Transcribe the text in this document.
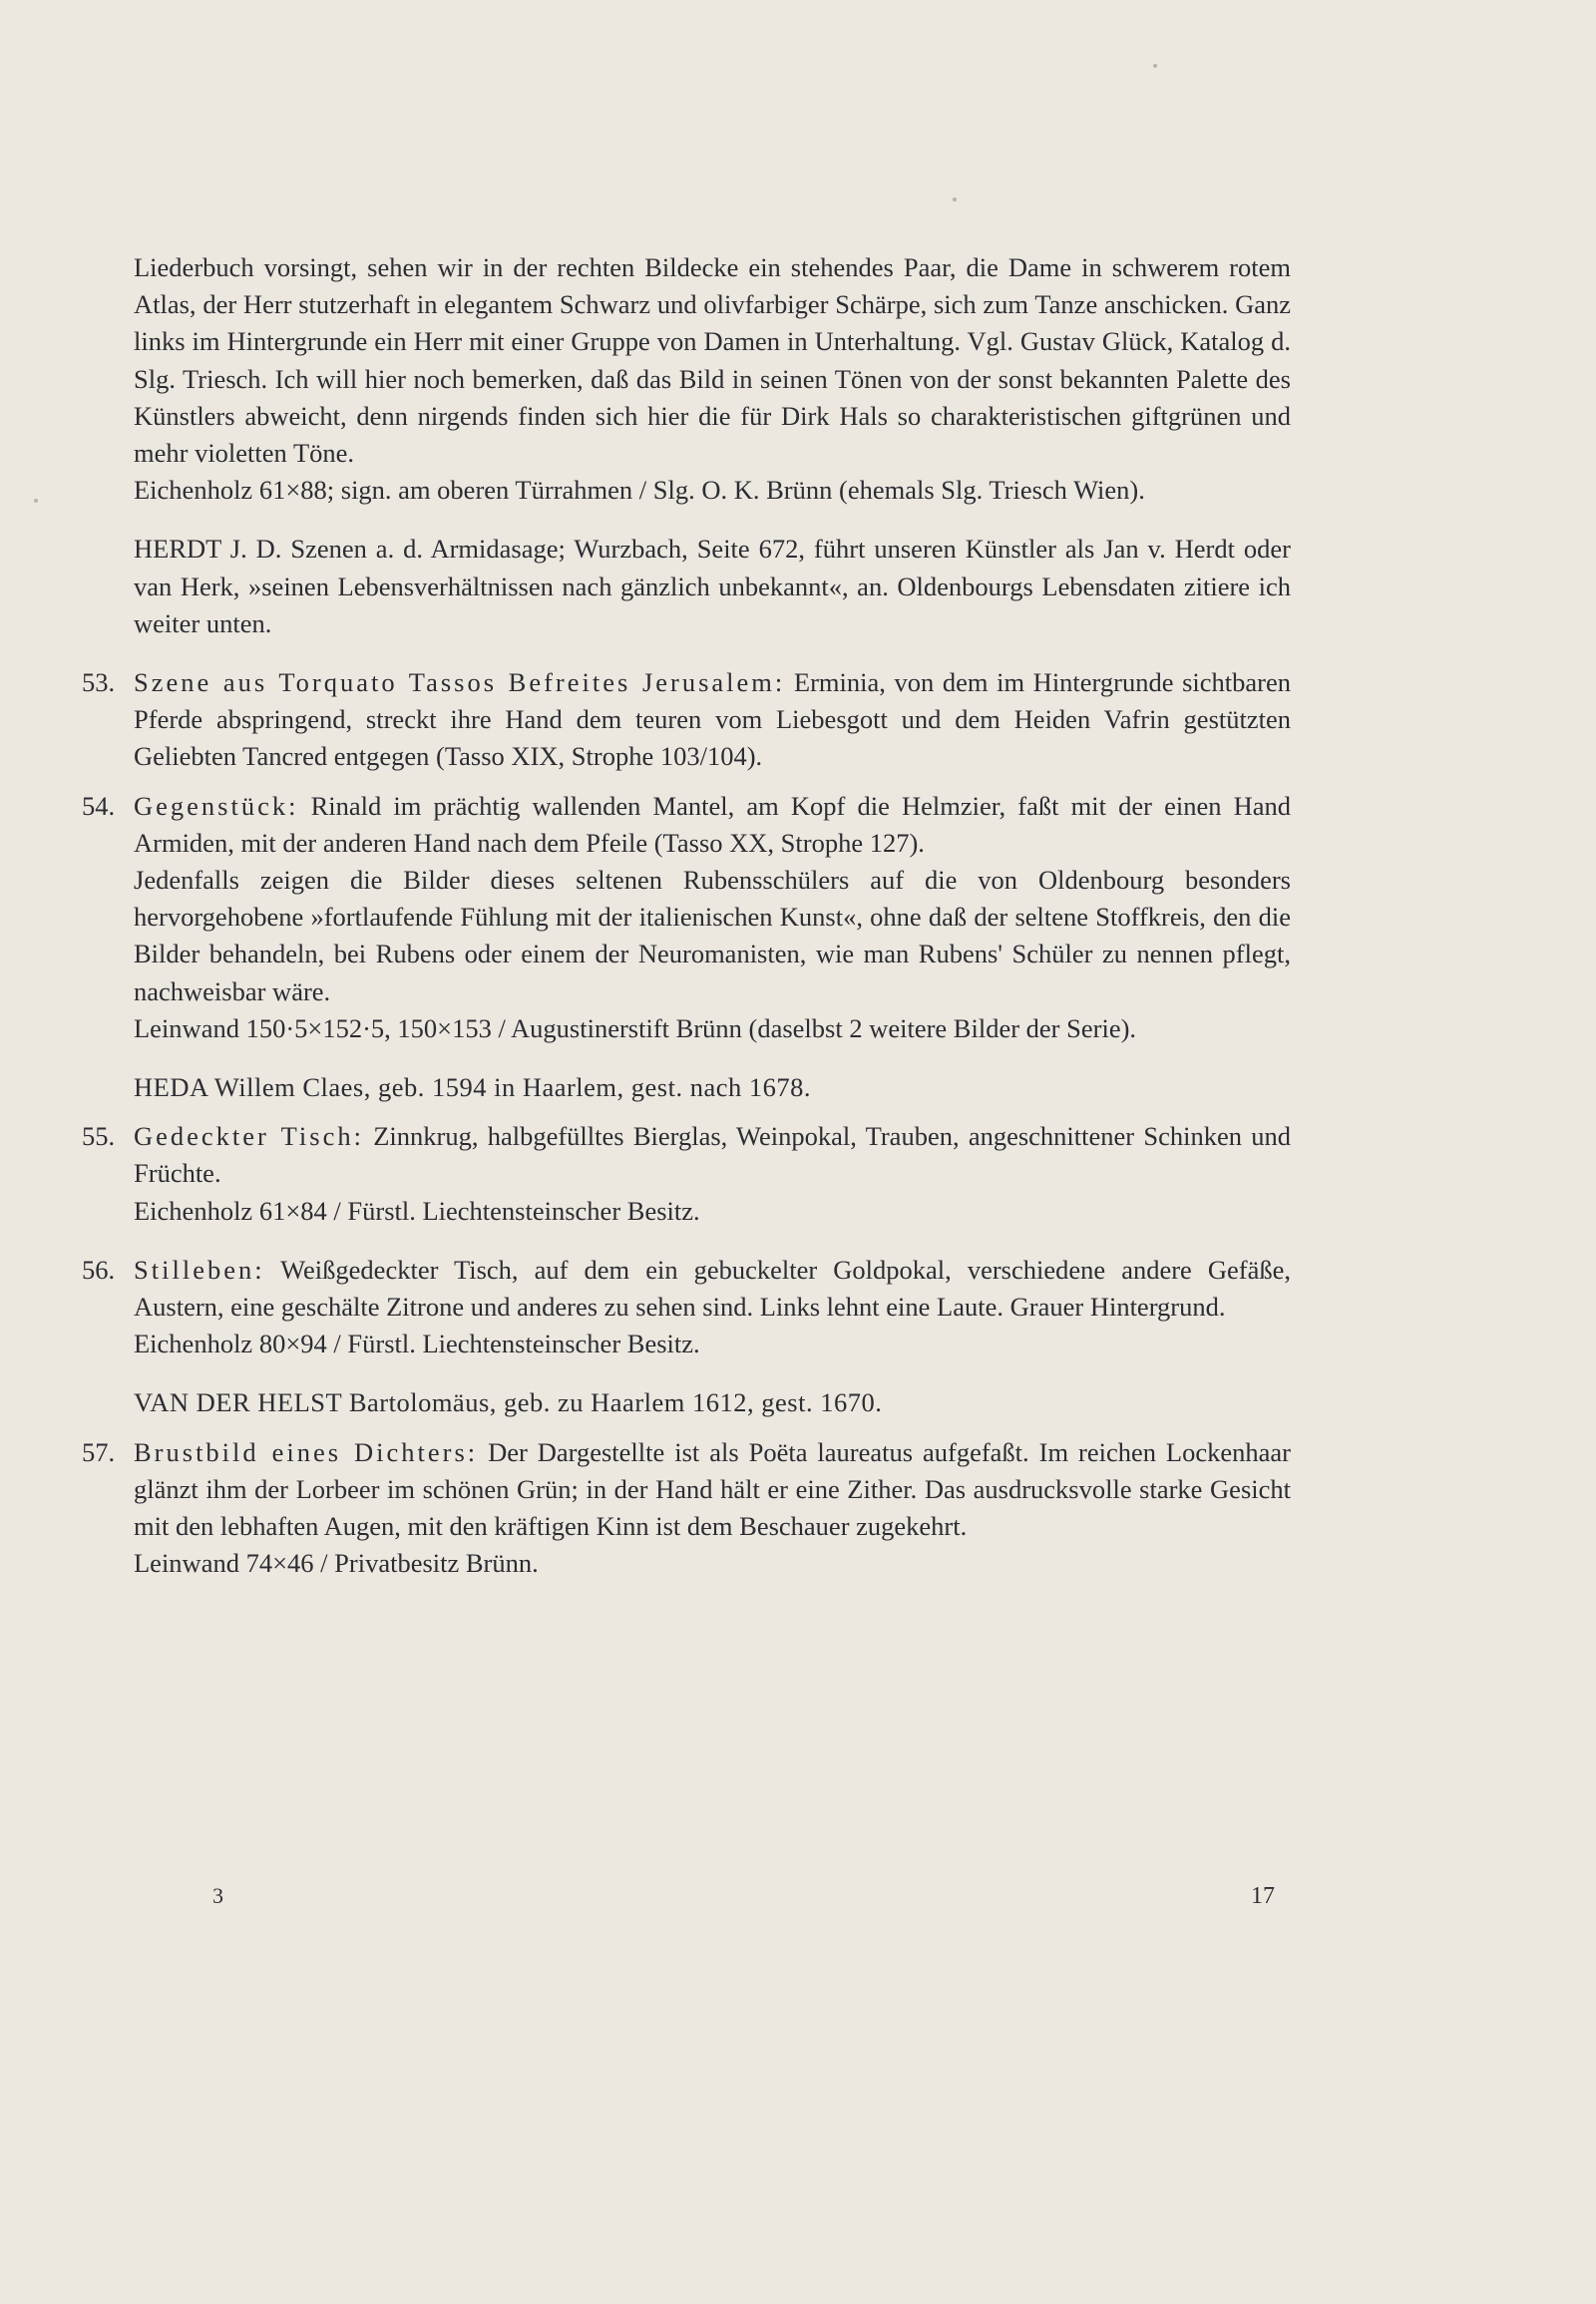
Liederbuch vorsingt, sehen wir in der rechten Bildecke ein stehendes Paar, die Dame in schwerem rotem Atlas, der Herr stutzerhaft in elegantem Schwarz und olivfarbiger Schärpe, sich zum Tanze anschicken. Ganz links im Hintergrunde ein Herr mit einer Gruppe von Damen in Unterhaltung. Vgl. Gustav Glück, Katalog d. Slg. Triesch. Ich will hier noch bemerken, daß das Bild in seinen Tönen von der sonst bekannten Palette des Künstlers abweicht, denn nirgends finden sich hier die für Dirk Hals so charakteristischen giftgrünen und mehr violetten Töne.

Eichenholz 61×88; sign. am oberen Türrahmen / Slg. O. K. Brünn (ehemals Slg. Triesch Wien).

HERDT J. D. Szenen a. d. Armidasage; Wurzbach, Seite 672, führt unseren Künstler als Jan v. Herdt oder van Herk, »seinen Lebensverhältnissen nach gänzlich unbekannt«, an. Oldenbourgs Lebensdaten zitiere ich weiter unten.

53. Szene aus Torquato Tassos Befreites Jerusalem: Erminia, von dem im Hintergrunde sichtbaren Pferde abspringend, streckt ihre Hand dem teuren vom Liebesgott und dem Heiden Vafrin gestützten Geliebten Tancred entgegen (Tasso XIX, Strophe 103/104).

54. Gegenstück: Rinald im prächtig wallenden Mantel, am Kopf die Helmzier, faßt mit der einen Hand Armiden, mit der anderen Hand nach dem Pfeile (Tasso XX, Strophe 127).

Jedenfalls zeigen die Bilder dieses seltenen Rubensschülers auf die von Oldenbourg besonders hervorgehobene »fortlaufende Fühlung mit der italienischen Kunst«, ohne daß der seltene Stoffkreis, den die Bilder behandeln, bei Rubens oder einem der Neuromanisten, wie man Rubens' Schüler zu nennen pflegt, nachweisbar wäre.

Leinwand 150·5×152·5, 150×153 / Augustinerstift Brünn (daselbst 2 weitere Bilder der Serie).

HEDA Willem Claes, geb. 1594 in Haarlem, gest. nach 1678.

55. Gedeckter Tisch: Zinnkrug, halbgefülltes Bierglas, Weinpokal, Trauben, angeschnittener Schinken und Früchte.

Eichenholz 61×84 / Fürstl. Liechtensteinscher Besitz.

56. Stilleben: Weißgedeckter Tisch, auf dem ein gebuckelter Goldpokal, verschiedene andere Gefäße, Austern, eine geschälte Zitrone und anderes zu sehen sind. Links lehnt eine Laute. Grauer Hintergrund.

Eichenholz 80×94 / Fürstl. Liechtensteinscher Besitz.

VAN DER HELST Bartolomäus, geb. zu Haarlem 1612, gest. 1670.

57. Brustbild eines Dichters: Der Dargestellte ist als Poëta laureatus aufgefaßt. Im reichen Lockenhaar glänzt ihm der Lorbeer im schönen Grün; in der Hand hält er eine Zither. Das ausdrucksvolle starke Gesicht mit den lebhaften Augen, mit den kräftigen Kinn ist dem Beschauer zugekehrt.

Leinwand 74×46 / Privatbesitz Brünn.

3	17
